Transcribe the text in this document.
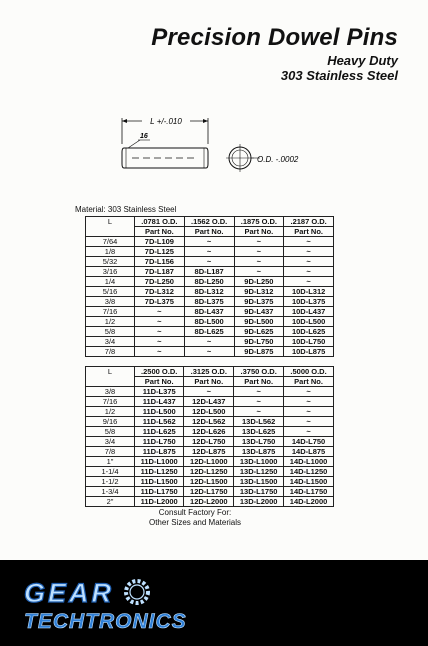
Precision Dowel Pins
Heavy Duty
303 Stainless Steel
L +/-.010
16
O.D. -.0002
Material: 303 Stainless Steel
L	.0781 O.D.	.1562 O.D.	.1875 O.D.	.2187 O.D.
	Part No.	Part No.	Part No.	Part No.
7/64	7D-L109	~	~	~
1/8	7D-L125	~	~	~
5/32	7D-L156	~	~	~
3/16	7D-L187	8D-L187	~	~
1/4	7D-L250	8D-L250	9D-L250	~
5/16	7D-L312	8D-L312	9D-L312	10D-L312
3/8	7D-L375	8D-L375	9D-L375	10D-L375
7/16	~	8D-L437	9D-L437	10D-L437
1/2	~	8D-L500	9D-L500	10D-L500
5/8	~	8D-L625	9D-L625	10D-L625
3/4	~	~	9D-L750	10D-L750
7/8	~	~	9D-L875	10D-L875
L	.2500 O.D.	.3125 O.D.	.3750 O.D.	.5000 O.D.
	Part No.	Part No.	Part No.	Part No.
3/8	11D-L375	~	~	~
7/16	11D-L437	12D-L437	~	~
1/2	11D-L500	12D-L500	~	~
9/16	11D-L562	12D-L562	13D-L562	~
5/8	11D-L625	12D-L626	13D-L625	~
3/4	11D-L750	12D-L750	13D-L750	14D-L750
7/8	11D-L875	12D-L875	13D-L875	14D-L875
1"	11D-L1000	12D-L1000	13D-L1000	14D-L1000
1-1/4	11D-L1250	12D-L1250	13D-L1250	14D-L1250
1-1/2	11D-L1500	12D-L1500	13D-L1500	14D-L1500
1-3/4	11D-L1750	12D-L1750	13D-L1750	14D-L1750
2"	11D-L2000	12D-L2000	13D-L2000	14D-L2000
Consult Factory For:
Other Sizes and Materials
GEAR
TECHTRONICS
